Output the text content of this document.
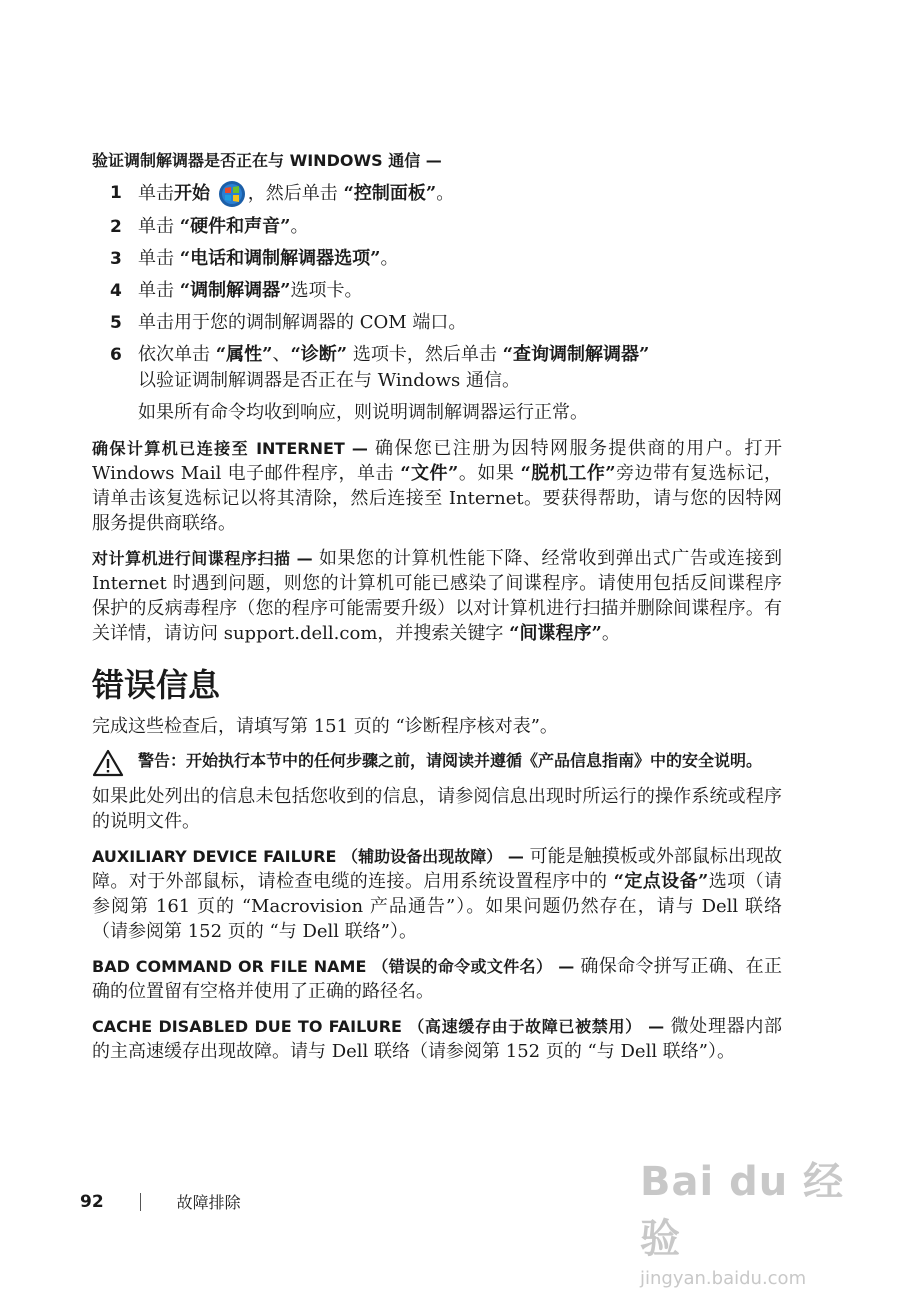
验证调制解调器是否正在与 WINDOWS 通信 —
1 单击开始 ，然后单击 “控制面板”。
2 单击 “硬件和声音”。
3 单击 “电话和调制解调器选项”。
4 单击 “调制解调器”选项卡。
5 单击用于您的调制解调器的 COM 端口。
6 依次单击 “属性”、“诊断” 选项卡，然后单击 “查询调制解调器”
以验证调制解调器是否正在与 Windows 通信。
如果所有命令均收到响应，则说明调制解调器运行正常。

确保计算机已连接至 INTERNET — 确保您已注册为因特网服务提供商的用户。打开 Windows Mail 电子邮件程序，单击 “文件”。如果 “脱机工作”旁边带有复选标记，请单击该复选标记以将其清除，然后连接至 Internet。要获得帮助，请与您的因特网服务提供商联络。

对计算机进行间谍程序扫描 — 如果您的计算机性能下降、经常收到弹出式广告或连接到 Internet 时遇到问题，则您的计算机可能已感染了间谍程序。请使用包括反间谍程序保护的反病毒程序（您的程序可能需要升级）以对计算机进行扫描并删除间谍程序。有关详情，请访问 support.dell.com，并搜索关键字 “间谍程序”。

错误信息

完成这些检查后，请填写第 151 页的 “诊断程序核对表”。

警告：开始执行本节中的任何步骤之前，请阅读并遵循《产品信息指南》中的安全说明。

如果此处列出的信息未包括您收到的信息，请参阅信息出现时所运行的操作系统或程序的说明文件。

AUXILIARY DEVICE FAILURE （辅助设备出现故障） — 可能是触摸板或外部鼠标出现故障。对于外部鼠标，请检查电缆的连接。启用系统设置程序中的 “定点设备”选项（请参阅第 161 页的 “Macrovision 产品通告”）。如果问题仍然存在，请与 Dell 联络（请参阅第 152 页的 “与 Dell 联络”）。

BAD COMMAND OR FILE NAME （错误的命令或文件名） — 确保命令拼写正确、在正确的位置留有空格并使用了正确的路径名。

CACHE DISABLED DUE TO FAILURE （高速缓存由于故障已被禁用） — 微处理器内部的主高速缓存出现故障。请与 Dell 联络（请参阅第 152 页的 “与 Dell 联络”）。

92	故障排除	Bai du 经验
jingyan.baidu.com
